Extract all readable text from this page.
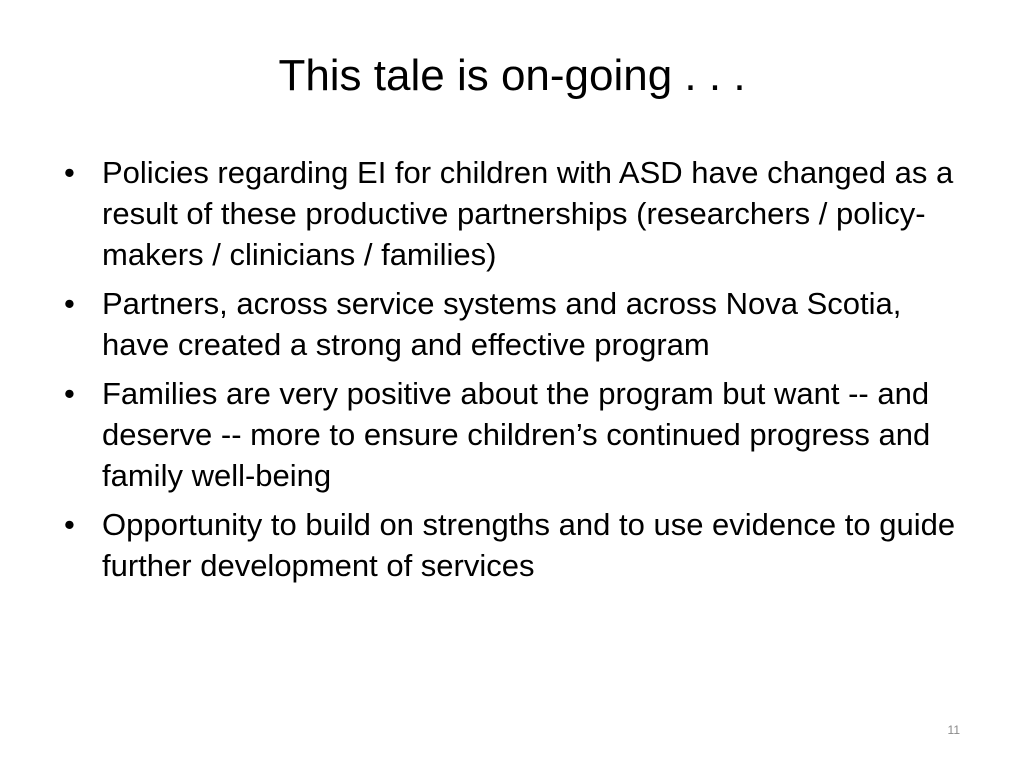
This tale is on-going . . .
• Policies regarding EI for children with ASD have changed as a result of these productive partnerships (researchers / policy-makers / clinicians / families)
• Partners, across service systems and across Nova Scotia, have created a strong and effective program
• Families are very positive about the program but want -- and deserve -- more to ensure children’s continued progress and family well-being
• Opportunity to build on strengths and to use evidence to guide further development of services
11
